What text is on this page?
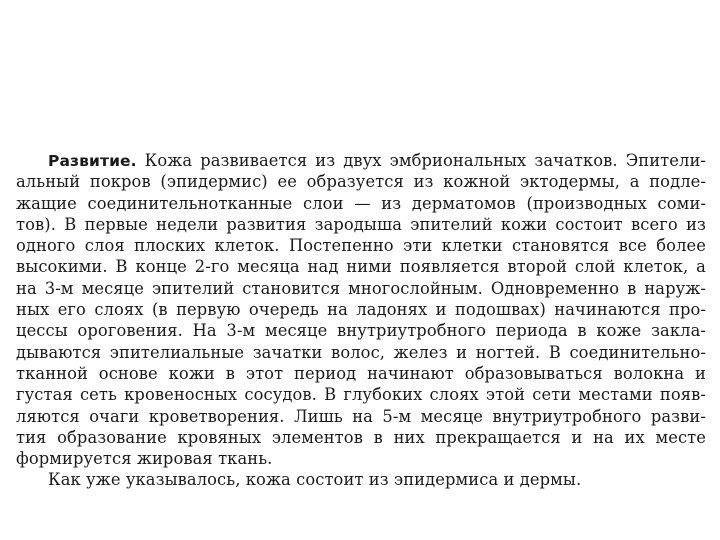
Развитие. Кожа развивается из двух эмбриональных зачатков. Эпители-
альный покров (эпидермис) ее образуется из кожной эктодермы, а подле-
жащие соединительнотканные слои — из дерматомов (производных соми-
тов). В первые недели развития зародыша эпителий кожи состоит всего из
одного слоя плоских клеток. Постепенно эти клетки становятся все более
высокими. В конце 2-го месяца над ними появляется второй слой клеток, а
на 3-м месяце эпителий становится многослойным. Одновременно в наруж-
ных его слоях (в первую очередь на ладонях и подошвах) начинаются про-
цессы ороговения. На 3-м месяце внутриутробного периода в коже закла-
дываются эпителиальные зачатки волос, желез и ногтей. В соединительно-
тканной основе кожи в этот период начинают образовываться волокна и
густая сеть кровеносных сосудов. В глубоких слоях этой сети местами появ-
ляются очаги кроветворения. Лишь на 5-м месяце внутриутробного разви-
тия образование кровяных элементов в них прекращается и на их месте
формируется жировая ткань.
Как уже указывалось, кожа состоит из эпидермиса и дермы.
